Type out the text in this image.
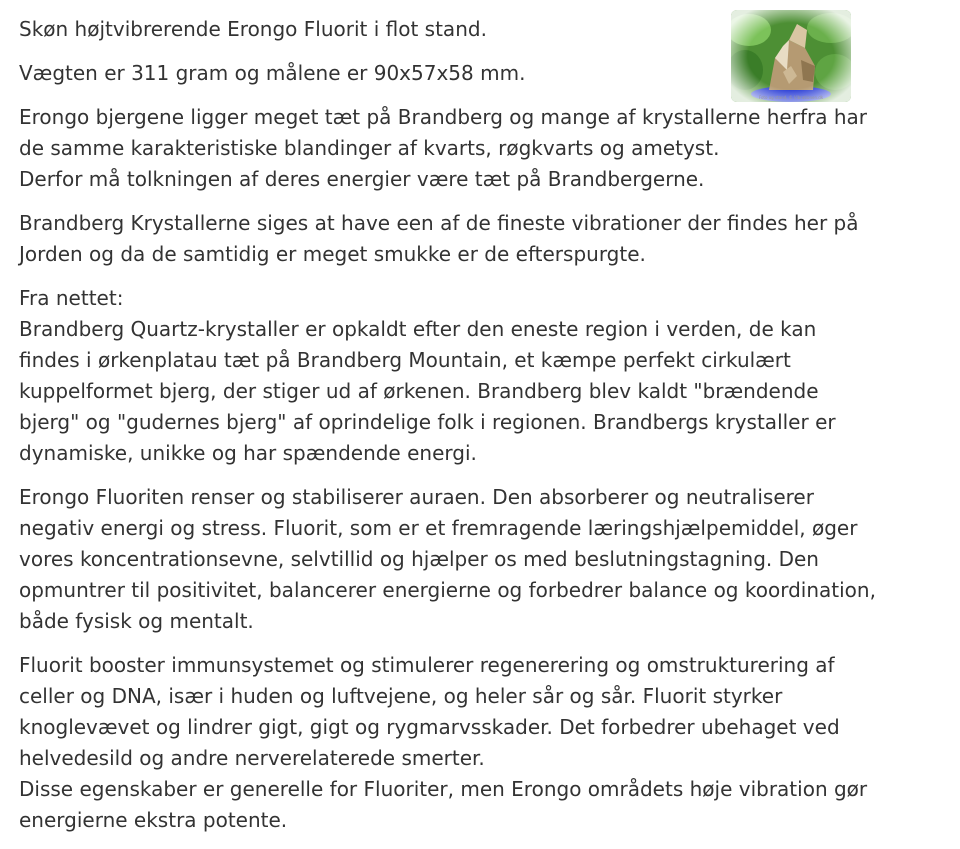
Skøn højtvibrerende Erongo Fluorit i flot stand.

Vægten er 311 gram og målene er 90x57x58 mm.

Erongo bjergene ligger meget tæt på Brandberg og mange af krystallerne herfra har
de samme karakteristiske blandinger af kvarts, røgkvarts og ametyst.
Derfor må tolkningen af deres energier være tæt på Brandbergerne.

Brandberg Krystallerne siges at have een af de fineste vibrationer der findes her på
Jorden og da de samtidig er meget smukke er de efterspurgte.

Fra nettet:
Brandberg Quartz-krystaller er opkaldt efter den eneste region i verden, de kan
findes i ørkenplatau tæt på Brandberg Mountain, et kæmpe perfekt cirkulært
kuppelformet bjerg, der stiger ud af ørkenen. Brandberg blev kaldt "brændende
bjerg" og "gudernes bjerg" af oprindelige folk i regionen. Brandbergs krystaller er
dynamiske, unikke og har spændende energi.

Erongo Fluoriten renser og stabiliserer auraen. Den absorberer og neutraliserer
negativ energi og stress. Fluorit, som er et fremragende læringshjælpemiddel, øger
vores koncentrationsevne, selvtillid og hjælper os med beslutningstagning. Den
opmuntrer til positivitet, balancerer energierne og forbedrer balance og koordination,
både fysisk og mentalt.

Fluorit booster immunsystemet og stimulerer regenerering og omstrukturering af
celler og DNA, især i huden og luftvejene, og heler sår og sår. Fluorit styrker
knoglevævet og lindrer gigt, gigt og rygmarvsskader. Det forbedrer ubehaget ved
helvedesild og andre nerverelaterede smerter.
Disse egenskaber er generelle for Fluoriter, men Erongo områdets høje vibration gør
energierne ekstra potente.

Foto og stand, © Vibrationen.dk
